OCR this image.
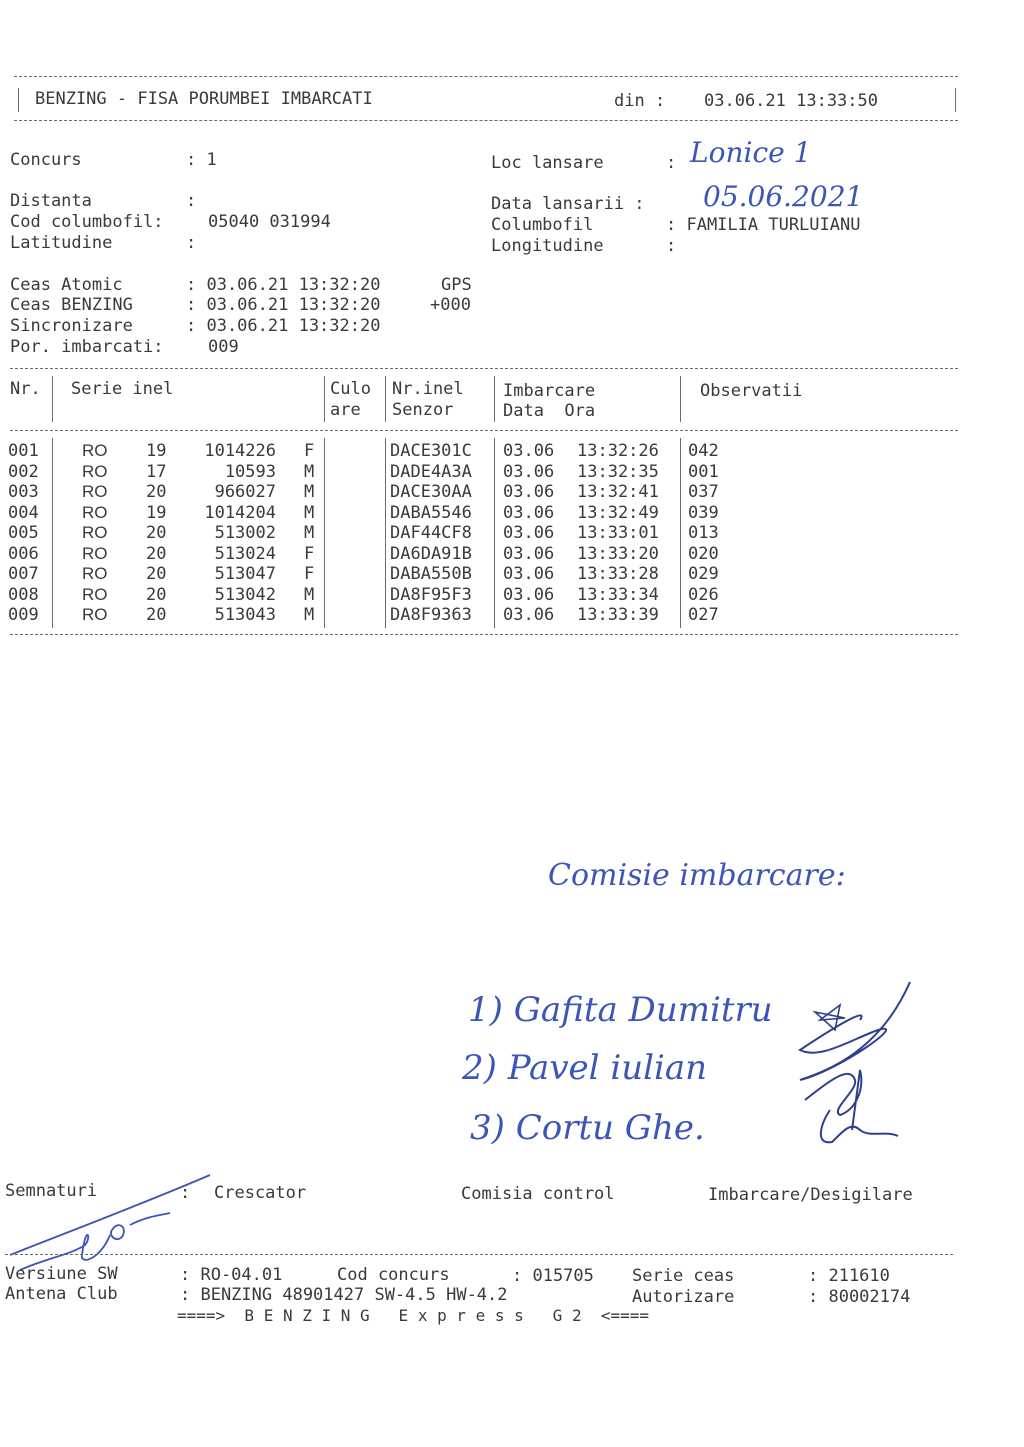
BENZING - FISA PORUMBEI IMBARCATI	din : 03.06.21 13:33:50
Concurs	: 1	Loc lansare	: Lonice 1
Distanta	:	Data lansarii : 05.06.2021
Cod columbofil:	05040 031994	Columbofil	: FAMILIA TURLUIANU
Latitudine	:	Longitudine	:
Ceas Atomic	: 03.06.21 13:32:20	GPS
Ceas BENZING	: 03.06.21 13:32:20	+000
Sincronizare	: 03.06.21 13:32:20
Por. imbarcati:	009
Nr. Serie inel	Culo
are
Nr.inel
Senzor
Imbarcare
Data  Ora
Observatii
001	RO 19	1014226 F	DACE301C 03.06 13:32:26 042
002	RO 17	10593 M	DADE4A3A 03.06 13:32:35 001
003	RO 20	966027 M	DACE30AA 03.06 13:32:41 037
004	RO 19	1014204 M	DABA5546 03.06 13:32:49 039
005	RO 20	513002 M	DAF44CF8 03.06 13:33:01 013
006	RO 20	513024 F	DA6DA91B 03.06 13:33:20 020
007	RO 20	513047 F	DABA550B 03.06 13:33:28 029
008	RO 20	513042 M	DA8F95F3 03.06 13:33:34 026
009	RO 20	513043 M	DA8F9363 03.06 13:33:39 027
Comisie imbarcare:
1) Gafita Dumitru
2) Pavel iulian
3) Cortu Ghe.
Semnaturi	: Crescator	Comisia control	Imbarcare/Desigilare
Versiune SW	: RO-04.01	Cod concurs	: 015705 Serie ceas	: 211610
Antena Club	: BENZING 48901427 SW-4.5 HW-4.2	Autorizare	: 80002174
====>  B E N Z I N G   E x p r e s s   G 2  <====
